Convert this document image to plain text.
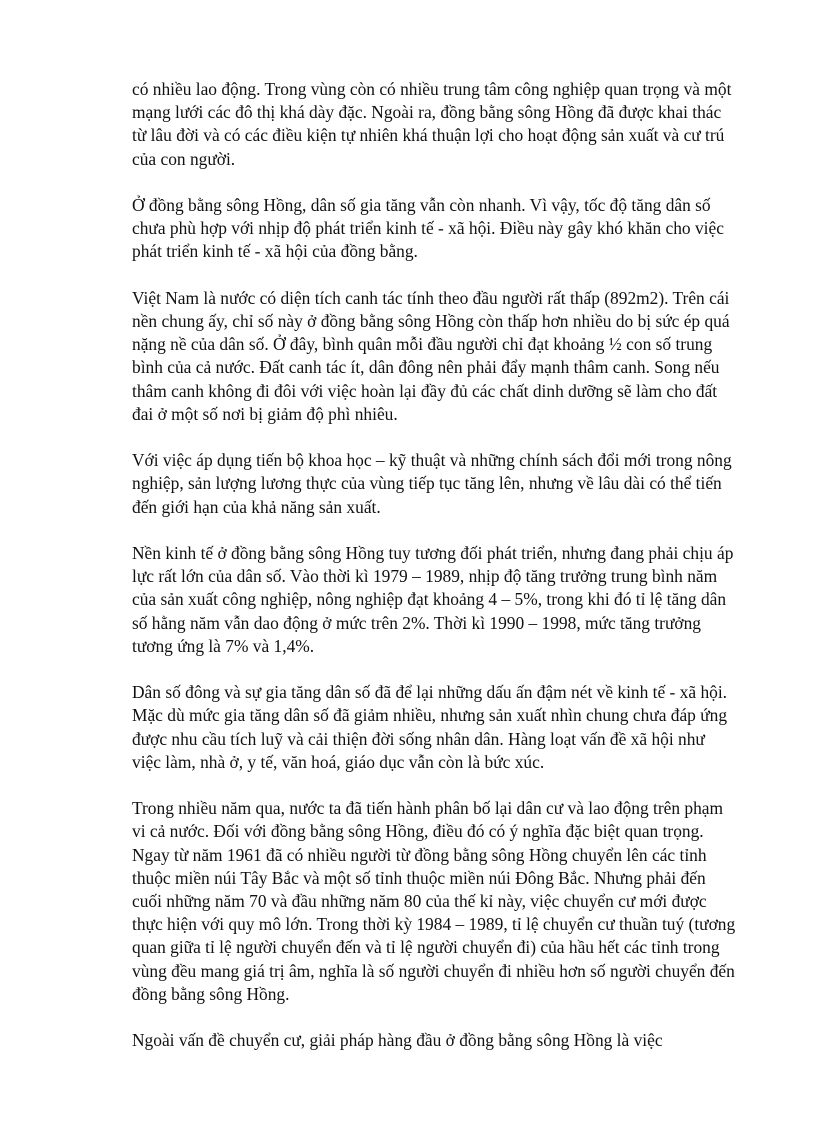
có nhiều lao động. Trong vùng còn có nhiều trung tâm công nghiệp quan trọng và một mạng lưới các đô thị khá dày đặc. Ngoài ra, đồng bằng sông Hồng đã được khai thác từ lâu đời và có các điều kiện tự nhiên khá thuận lợi cho hoạt động sản xuất và cư trú của con người.

Ở đồng bằng sông Hồng, dân số gia tăng vẫn còn nhanh. Vì vậy, tốc độ tăng dân số chưa phù hợp với nhịp độ phát triển kinh tế - xã hội. Điều này gây khó khăn cho việc phát triển kinh tế - xã hội của đồng bằng.

Việt Nam là nước có diện tích canh tác tính theo đầu người rất thấp (892m2). Trên cái nền chung ấy, chỉ số này ở đồng bằng sông Hồng còn thấp hơn nhiều do bị sức ép quá nặng nề của dân số. Ở đây, bình quân mỗi đầu người chỉ đạt khoảng ½ con số trung bình của cả nước. Đất canh tác ít, dân đông nên phải đẩy mạnh thâm canh. Song nếu thâm canh không đi đôi với việc hoàn lại đầy đủ các chất dinh dưỡng sẽ làm cho đất đai ở một số nơi bị giảm độ phì nhiêu.

Với việc áp dụng tiến bộ khoa học – kỹ thuật và những chính sách đổi mới trong nông nghiệp, sản lượng lương thực của vùng tiếp tục tăng lên, nhưng về lâu dài có thể tiến đến giới hạn của khả năng sản xuất.

Nền kinh tế ở đồng bằng sông Hồng tuy tương đối phát triển, nhưng đang phải chịu áp lực rất lớn của dân số. Vào thời kì 1979 – 1989, nhịp độ tăng trưởng trung bình năm của sản xuất công nghiệp, nông nghiệp đạt khoảng 4 – 5%, trong khi đó tỉ lệ tăng dân số hằng năm vẫn dao động ở mức trên 2%. Thời kì 1990 – 1998, mức tăng trưởng tương ứng là 7% và 1,4%.

Dân số đông và sự gia tăng dân số đã để lại những dấu ấn đậm nét về kinh tế - xã hội. Mặc dù mức gia tăng dân số đã giảm nhiều, nhưng sản xuất nhìn chung chưa đáp ứng được nhu cầu tích luỹ và cải thiện đời sống nhân dân. Hàng loạt vấn đề xã hội như việc làm, nhà ở, y tế, văn hoá, giáo dục vẫn còn là bức xúc.

Trong nhiều năm qua, nước ta đã tiến hành phân bố lại dân cư và lao động trên phạm vi cả nước. Đối với đồng bằng sông Hồng, điều đó có ý nghĩa đặc biệt quan trọng. Ngay từ năm 1961 đã có nhiều người từ đồng bằng sông Hồng chuyển lên các tỉnh thuộc miền núi Tây Bắc và một số tỉnh thuộc miền núi Đông Bắc. Nhưng phải đến cuối những năm 70 và đầu những năm 80 của thế kỉ này, việc chuyển cư mới được thực hiện với quy mô lớn. Trong thời kỳ 1984 – 1989, tỉ lệ chuyển cư thuần tuý (tương quan giữa tỉ lệ người chuyển đến và tỉ lệ người chuyển đi) của hầu hết các tỉnh trong vùng đều mang giá trị âm, nghĩa là số người chuyển đi nhiều hơn số người chuyển đến đồng bằng sông Hồng.

Ngoài vấn đề chuyển cư, giải pháp hàng đầu ở đồng bằng sông Hồng là việc
